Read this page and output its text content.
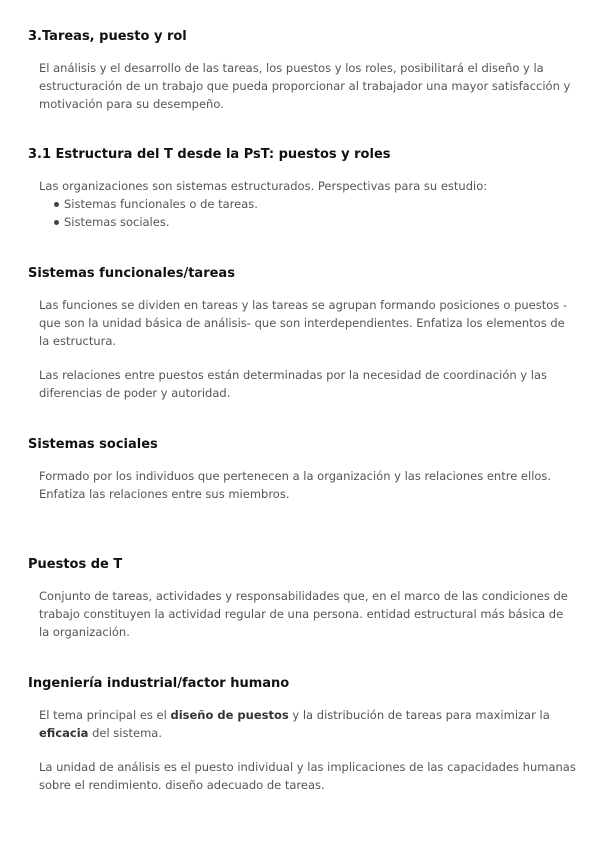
3.Tareas, puesto y rol

El análisis y el desarrollo de las tareas, los puestos y los roles, posibilitará el diseño y la estructuración de un trabajo que pueda proporcionar al trabajador una mayor satisfacción y motivación para su desempeño.

3.1 Estructura del T desde la PsT: puestos y roles

Las organizaciones son sistemas estructurados. Perspectivas para su estudio:

Sistemas funcionales o de tareas.
Sistemas sociales.
Sistemas funcionales/tareas

Las funciones se dividen en tareas y las tareas se agrupan formando posiciones o puestos - que son la unidad básica de análisis- que son interdependientes. Enfatiza los elementos de la estructura.

Las relaciones entre puestos están determinadas por la necesidad de coordinación y las diferencias de poder y autoridad.

Sistemas sociales

Formado por los individuos que pertenecen a la organización y las relaciones entre ellos. Enfatiza las relaciones entre sus miembros.

Puestos de T

Conjunto de tareas, actividades y responsabilidades que, en el marco de las condiciones de trabajo constituyen la actividad regular de una persona. entidad estructural más básica de la organización.

Ingeniería industrial/factor humano

El tema principal es el diseño de puestos y la distribución de tareas para maximizar la eficacia del sistema.

La unidad de análisis es el puesto individual y las implicaciones de las capacidades humanas sobre el rendimiento. diseño adecuado de tareas.
